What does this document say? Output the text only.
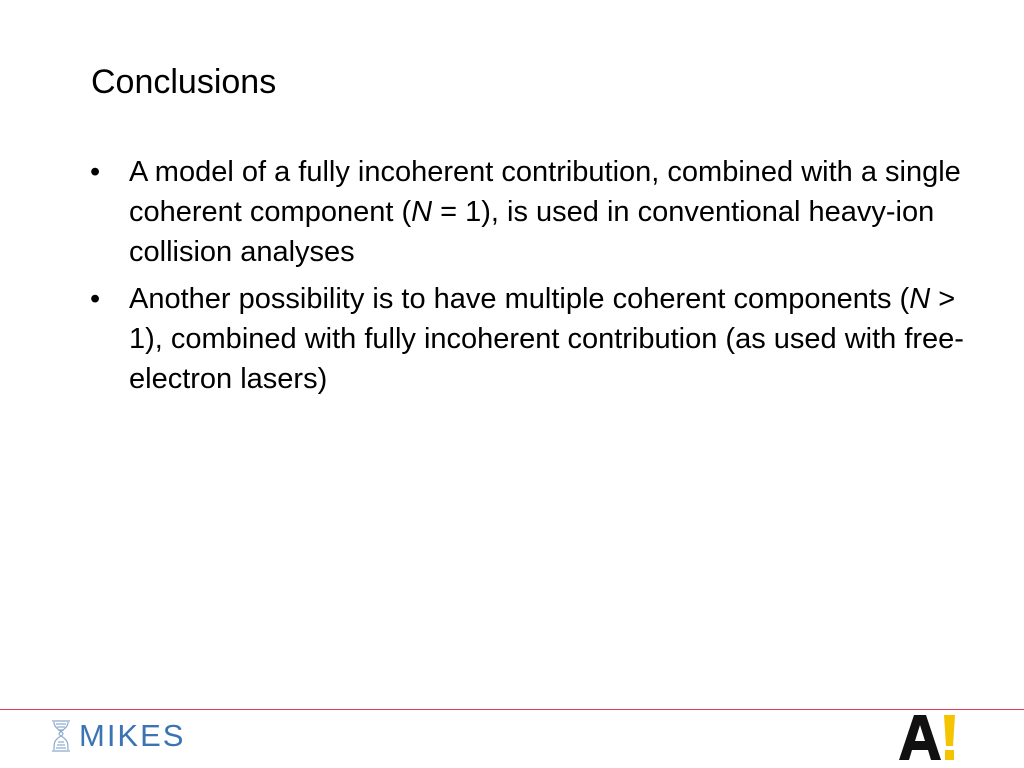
Conclusions
• A model of a fully incoherent contribution, combined with a single coherent component (N = 1), is used in conventional heavy-ion collision analyses
• Another possibility is to have multiple coherent components (N > 1), combined with fully incoherent contribution (as used with free-electron lasers)
MIKES
